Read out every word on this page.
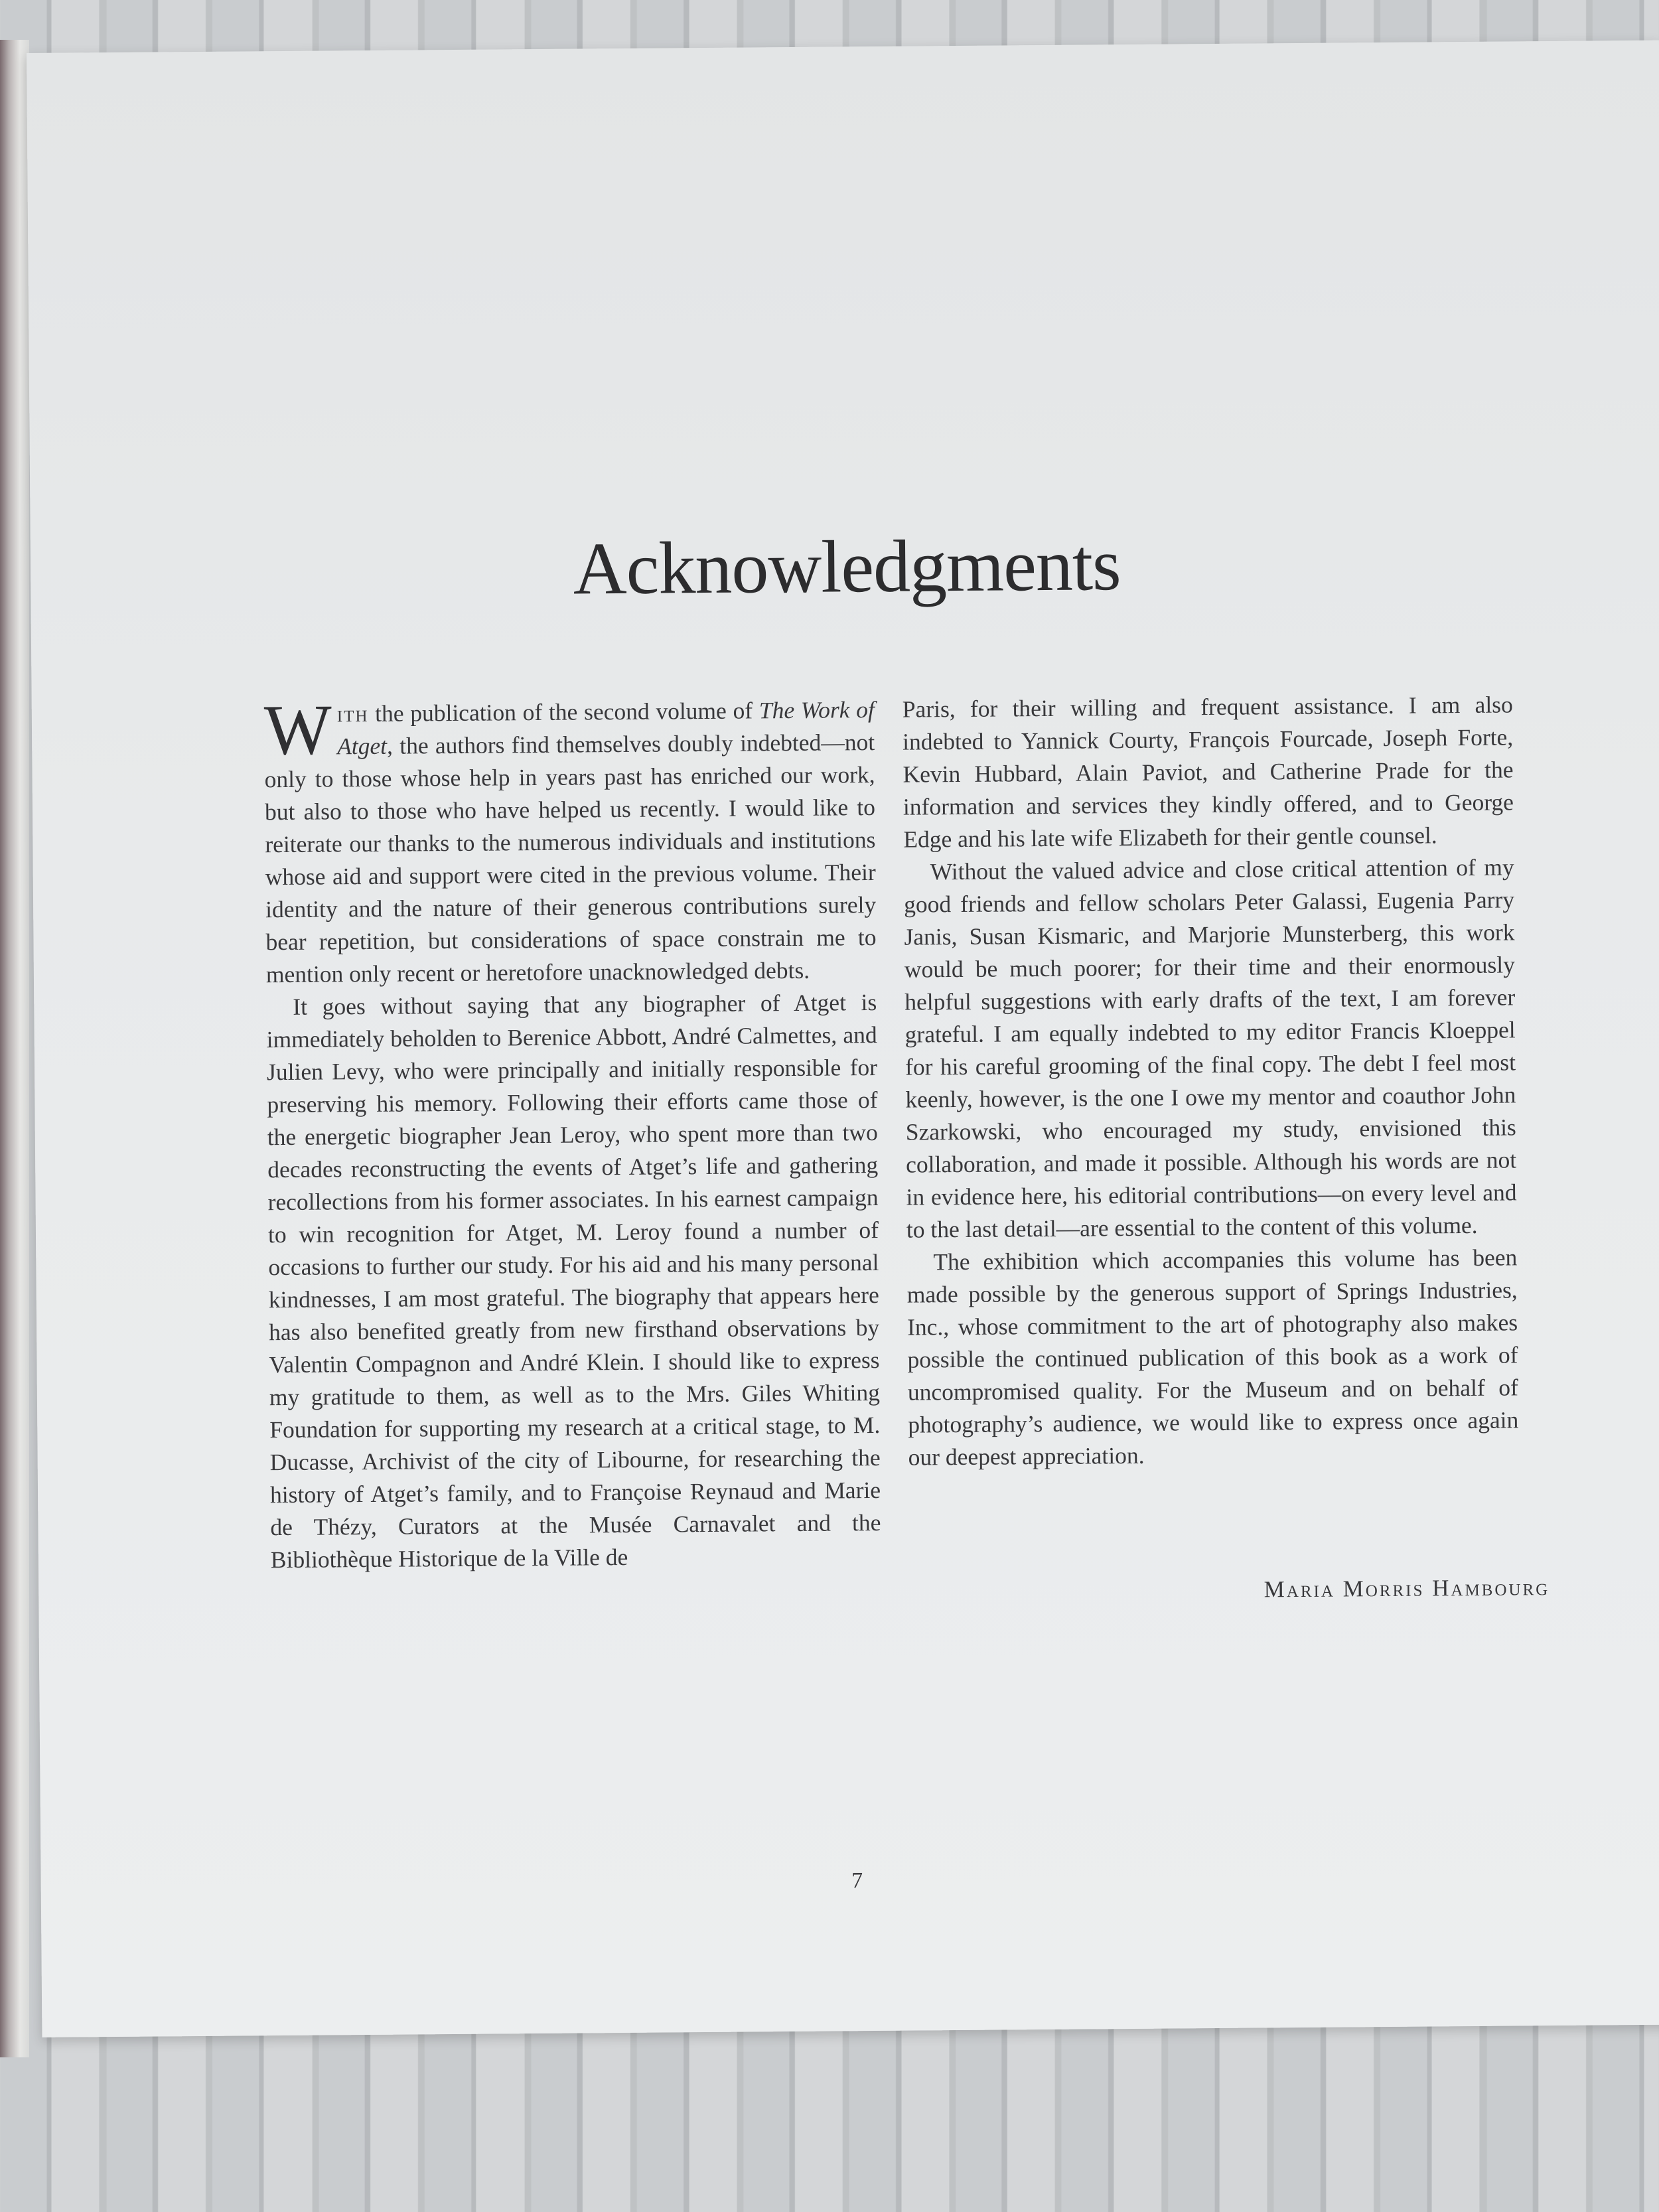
Acknowledgments

With the publication of the second volume of The Work of Atget, the authors find themselves doubly indebted—not only to those whose help in years past has enriched our work, but also to those who have helped us recently. I would like to reiterate our thanks to the numerous individuals and institutions whose aid and support were cited in the previous volume. Their identity and the nature of their generous contributions surely bear repetition, but considerations of space constrain me to mention only recent or heretofore unacknowledged debts.

It goes without saying that any biographer of Atget is immediately beholden to Berenice Abbott, André Calmettes, and Julien Levy, who were principally and initially responsible for preserving his memory. Following their efforts came those of the energetic biographer Jean Leroy, who spent more than two decades reconstructing the events of Atget’s life and gathering recollections from his former associates. In his earnest campaign to win recognition for Atget, M. Leroy found a number of occasions to further our study. For his aid and his many personal kindnesses, I am most grateful. The biography that appears here has also benefited greatly from new firsthand observations by Valentin Compagnon and André Klein. I should like to express my gratitude to them, as well as to the Mrs. Giles Whiting Foundation for supporting my research at a critical stage, to M. Ducasse, Archivist of the city of Libourne, for researching the history of Atget’s family, and to Françoise Reynaud and Marie de Thézy, Curators at the Musée Carnavalet and the Bibliothèque Historique de la Ville de

Paris, for their willing and frequent assistance. I am also indebted to Yannick Courty, François Fourcade, Joseph Forte, Kevin Hubbard, Alain Paviot, and Catherine Prade for the information and services they kindly offered, and to George Edge and his late wife Elizabeth for their gentle counsel.

Without the valued advice and close critical attention of my good friends and fellow scholars Peter Galassi, Eugenia Parry Janis, Susan Kismaric, and Marjorie Munsterberg, this work would be much poorer; for their time and their enormously helpful suggestions with early drafts of the text, I am forever grateful. I am equally indebted to my editor Francis Kloeppel for his careful grooming of the final copy. The debt I feel most keenly, however, is the one I owe my mentor and coauthor John Szarkowski, who encouraged my study, envisioned this collaboration, and made it possible. Although his words are not in evidence here, his editorial contributions—on every level and to the last detail—are essential to the content of this volume.

The exhibition which accompanies this volume has been made possible by the generous support of Springs Industries, Inc., whose commitment to the art of photography also makes possible the continued publication of this book as a work of uncompromised quality. For the Museum and on behalf of photography’s audience, we would like to express once again our deepest appreciation.

Maria Morris Hambourg
7
